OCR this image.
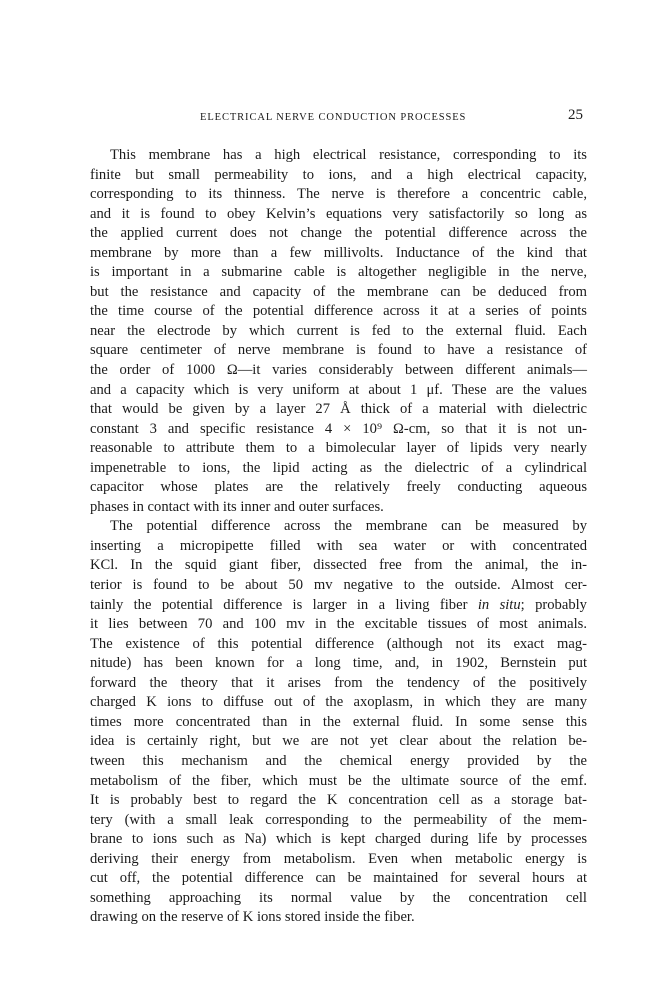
ELECTRICAL NERVE CONDUCTION PROCESSES	25
This membrane has a high electrical resistance, corresponding to its
finite but small permeability to ions, and a high electrical capacity,
corresponding to its thinness. The nerve is therefore a concentric cable,
and it is found to obey Kelvin’s equations very satisfactorily so long as
the applied current does not change the potential difference across the
membrane by more than a few millivolts. Inductance of the kind that
is important in a submarine cable is altogether negligible in the nerve,
but the resistance and capacity of the membrane can be deduced from
the time course of the potential difference across it at a series of points
near the electrode by which current is fed to the external fluid. Each
square centimeter of nerve membrane is found to have a resistance of
the order of 1000 Ω—it varies considerably between different animals—
and a capacity which is very uniform at about 1 μf. These are the values
that would be given by a layer 27 Å thick of a material with dielectric
constant 3 and specific resistance 4 × 10⁹ Ω-cm, so that it is not un-
reasonable to attribute them to a bimolecular layer of lipids very nearly
impenetrable to ions, the lipid acting as the dielectric of a cylindrical
capacitor whose plates are the relatively freely conducting aqueous
phases in contact with its inner and outer surfaces.
The potential difference across the membrane can be measured by
inserting a micropipette filled with sea water or with concentrated
KCl. In the squid giant fiber, dissected free from the animal, the in-
terior is found to be about 50 mv negative to the outside. Almost cer-
tainly the potential difference is larger in a living fiber in situ; probably
it lies between 70 and 100 mv in the excitable tissues of most animals.
The existence of this potential difference (although not its exact mag-
nitude) has been known for a long time, and, in 1902, Bernstein put
forward the theory that it arises from the tendency of the positively
charged K ions to diffuse out of the axoplasm, in which they are many
times more concentrated than in the external fluid. In some sense this
idea is certainly right, but we are not yet clear about the relation be-
tween this mechanism and the chemical energy provided by the
metabolism of the fiber, which must be the ultimate source of the emf.
It is probably best to regard the K concentration cell as a storage bat-
tery (with a small leak corresponding to the permeability of the mem-
brane to ions such as Na) which is kept charged during life by processes
deriving their energy from metabolism. Even when metabolic energy is
cut off, the potential difference can be maintained for several hours at
something approaching its normal value by the concentration cell
drawing on the reserve of K ions stored inside the fiber.
